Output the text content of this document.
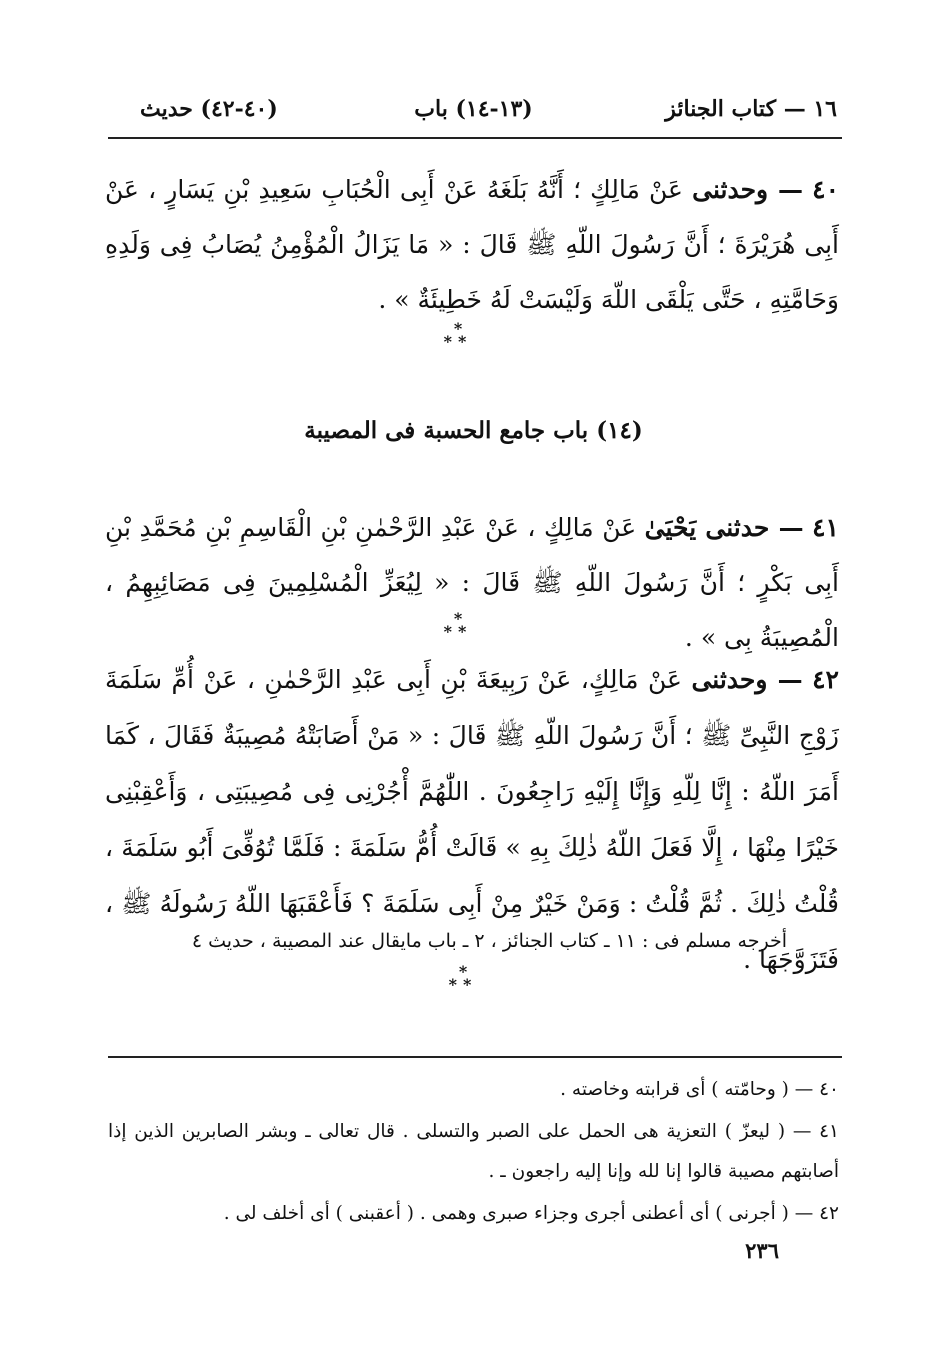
١٦ — كتاب الجنائز
(١٣-١٤) باب
(٤٠-٤٢) حديث
٤٠ — وحدثنى عَنْ مَالِكٍ ؛ أَنَّهُ بَلَغَهُ عَنْ أَبِى الْحُبَابِ سَعِيدِ بْنِ يَسَارٍ ، عَنْ أَبِى هُرَيْرَةَ ؛ أَنَّ رَسُولَ اللّهِ ﷺ قَالَ : « مَا يَزَالُ الْمُؤْمِنُ يُصَابُ فِى وَلَدِهِ وَحَامَّتِهِ ، حَتَّى يَلْقَى اللّهَ وَلَيْسَتْ لَهُ خَطِيئَةٌ » .
*
**
(١٤) باب جامع الحسبة فى المصيبة
٤١ — حدثنى يَحْيَىٰ عَنْ مَالِكٍ ، عَنْ عَبْدِ الرَّحْمٰنِ بْنِ الْقَاسِمِ بْنِ مُحَمَّدِ بْنِ أَبِى بَكْرٍ ؛ أَنَّ رَسُولَ اللّهِ ﷺ قَالَ : « لِيُعَزِّ الْمُسْلِمِينَ فِى مَصَائِبِهِمُ ، الْمُصِيبَةُ بِى » .
*
**
٤٢ — وحدثنى عَنْ مَالِكٍ، عَنْ رَبِيعَةَ بْنِ أَبِى عَبْدِ الرَّحْمٰنِ ، عَنْ أُمِّ سَلَمَةَ زَوْجِ النَّبِىِّ ﷺ ؛ أَنَّ رَسُولَ اللّهِ ﷺ قَالَ : « مَنْ أَصَابَتْهُ مُصِيبَةٌ فَقَالَ ، كَمَا أَمَرَ اللّهُ : إِنَّا لِلّهِ وَإِنَّا إِلَيْهِ رَاجِعُونَ . اللّٰهُمَّ أْجُرْنِى فِى مُصِيبَتِى ، وَأَعْقِبْنِى خَيْرًا مِنْهَا ، إِلَّا فَعَلَ اللّهُ ذٰلِكَ بِهِ » قَالَتْ أُمُّ سَلَمَةَ : فَلَمَّا تُوُفِّىَ أَبُو سَلَمَةَ ، قُلْتُ ذٰلِكَ . ثُمَّ قُلْتُ : وَمَنْ خَيْرٌ مِنْ أَبِى سَلَمَةَ ؟ فَأَعْقَبَهَا اللّهُ رَسُولَهُ ﷺ ، فَتَزَوَّجَهَا .
أخرجه مسلم فى : ١١ ـ كتاب الجنائز ، ٢ ـ باب مايقال عند المصيبة ، حديث ٤
*
**

٤٠ — ( وحامّته ) أى قرابته وخاصته .

٤١ — ( ليعزّ ) التعزية هى الحمل على الصبر والتسلى . قال تعالى ـ وبشر الصابرين الذين إذا أصابتهم مصيبة قالوا إنا لله وإنا إليه راجعون ـ .

٤٢ — ( أجرنى ) أى أعطنى أجرى وجزاء صبرى وهمى . ( أعقبنى ) أى أخلف لى .

٢٣٦
